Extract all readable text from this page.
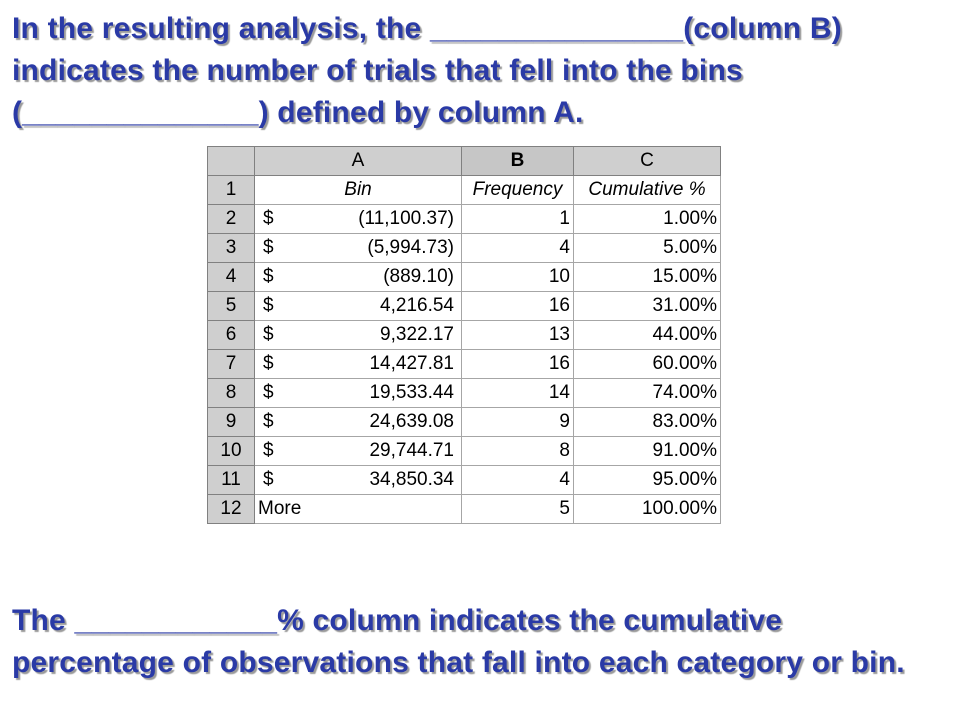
In the resulting analysis, the _______________(column B) indicates the number of trials that fell into the bins (______________) defined by column A.

	A	B	C
1	Bin	Frequency	Cumulative %
2	$ (11,100.37)	1	1.00%
3	$ (5,994.73)	4	5.00%
4	$ (889.10)	10	15.00%
5	$ 4,216.54	16	31.00%
6	$ 9,322.17	13	44.00%
7	$ 14,427.81	16	60.00%
8	$ 19,533.44	14	74.00%
9	$ 24,639.08	9	83.00%
10	$ 29,744.71	8	91.00%
11	$ 34,850.34	4	95.00%
12	More	5	100.00%

The ____________% column indicates the cumulative percentage of observations that fall into each category or bin.
